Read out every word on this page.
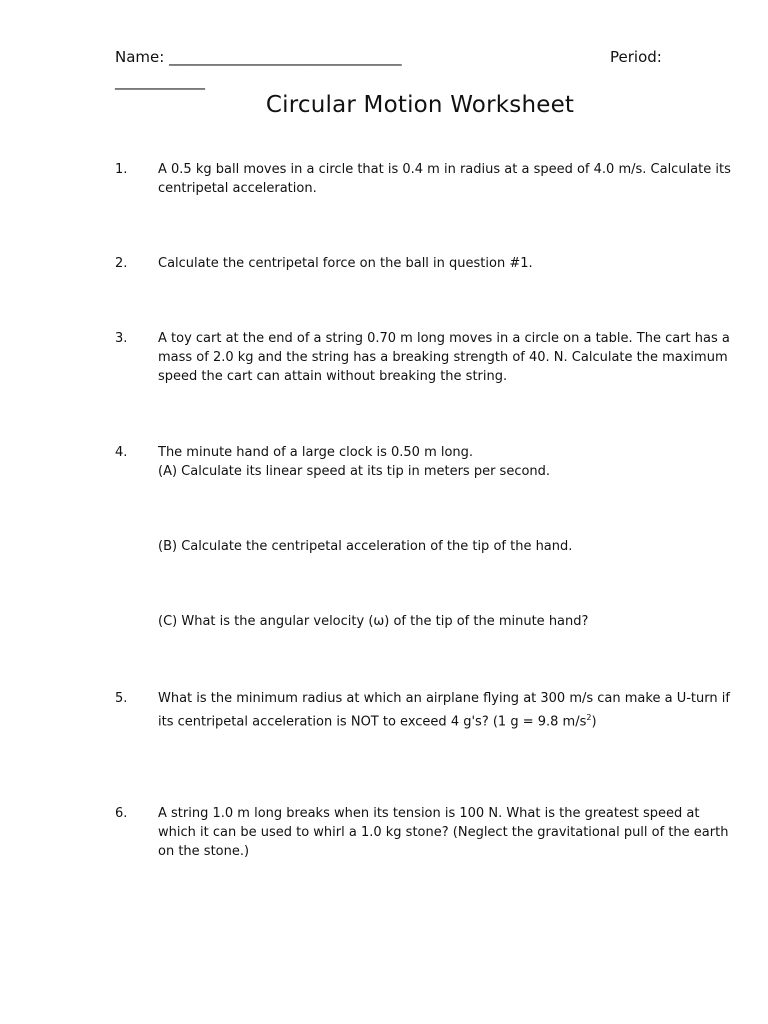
Name: _______________________________	Period:
____________
Circular Motion Worksheet
1. A 0.5 kg ball moves in a circle that is 0.4 m in radius at a speed of 4.0 m/s. Calculate its centripetal acceleration.
2. Calculate the centripetal force on the ball in question #1.
3. A toy cart at the end of a string 0.70 m long moves in a circle on a table. The cart has a mass of 2.0 kg and the string has a breaking strength of 40. N. Calculate the maximum speed the cart can attain without breaking the string.
4. The minute hand of a large clock is 0.50 m long.
(A) Calculate its linear speed at its tip in meters per second.
(B) Calculate the centripetal acceleration of the tip of the hand.
(C) What is the angular velocity (ω) of the tip of the minute hand?
5. What is the minimum radius at which an airplane flying at 300 m/s can make a U-turn if its centripetal acceleration is NOT to exceed 4 g's? (1 g = 9.8 $m/s^2$)
6. A string 1.0 m long breaks when its tension is 100 N. What is the greatest speed at which it can be used to whirl a 1.0 kg stone? (Neglect the gravitational pull of the earth on the stone.)
